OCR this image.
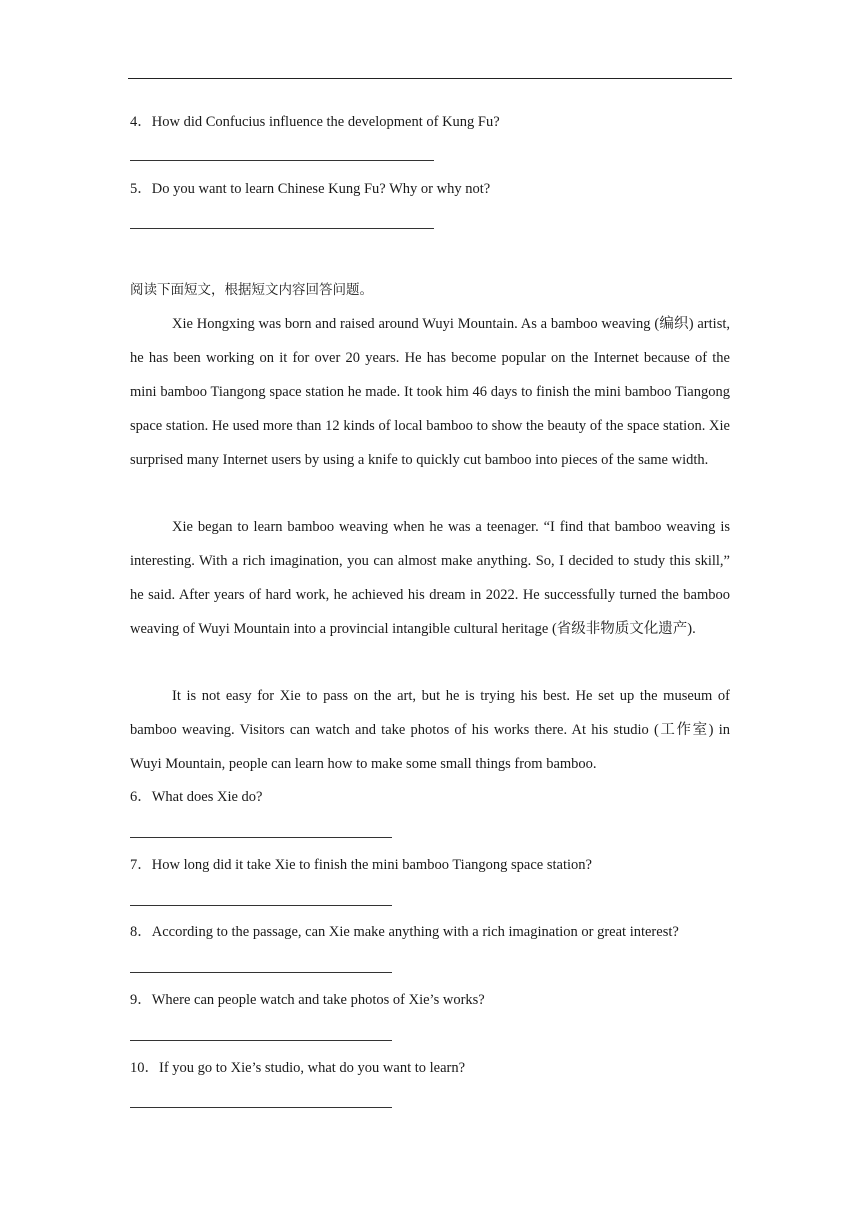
4．How did Confucius influence the development of Kung Fu?
5．Do you want to learn Chinese Kung Fu? Why or why not?
阅读下面短文，根据短文内容回答问题。
Xie Hongxing was born and raised around Wuyi Mountain. As a bamboo weaving (编织) artist, he has been working on it for over 20 years. He has become popular on the Internet because of the mini bamboo Tiangong space station he made. It took him 46 days to finish the mini bamboo Tiangong space station. He used more than 12 kinds of local bamboo to show the beauty of the space station. Xie surprised many Internet users by using a knife to quickly cut bamboo into pieces of the same width.
Xie began to learn bamboo weaving when he was a teenager. “I find that bamboo weaving is interesting. With a rich imagination, you can almost make anything. So, I decided to study this skill,” he said. After years of hard work, he achieved his dream in 2022. He successfully turned the bamboo weaving of Wuyi Mountain into a provincial intangible cultural heritage (省级非物质文化遗产).
It is not easy for Xie to pass on the art, but he is trying his best. He set up the museum of bamboo weaving. Visitors can watch and take photos of his works there. At his studio (工作室) in Wuyi Mountain, people can learn how to make some small things from bamboo.
6．What does Xie do?
7．How long did it take Xie to finish the mini bamboo Tiangong space station?
8．According to the passage, can Xie make anything with a rich imagination or great interest?
9．Where can people watch and take photos of Xie’s works?
10．If you go to Xie’s studio, what do you want to learn?
